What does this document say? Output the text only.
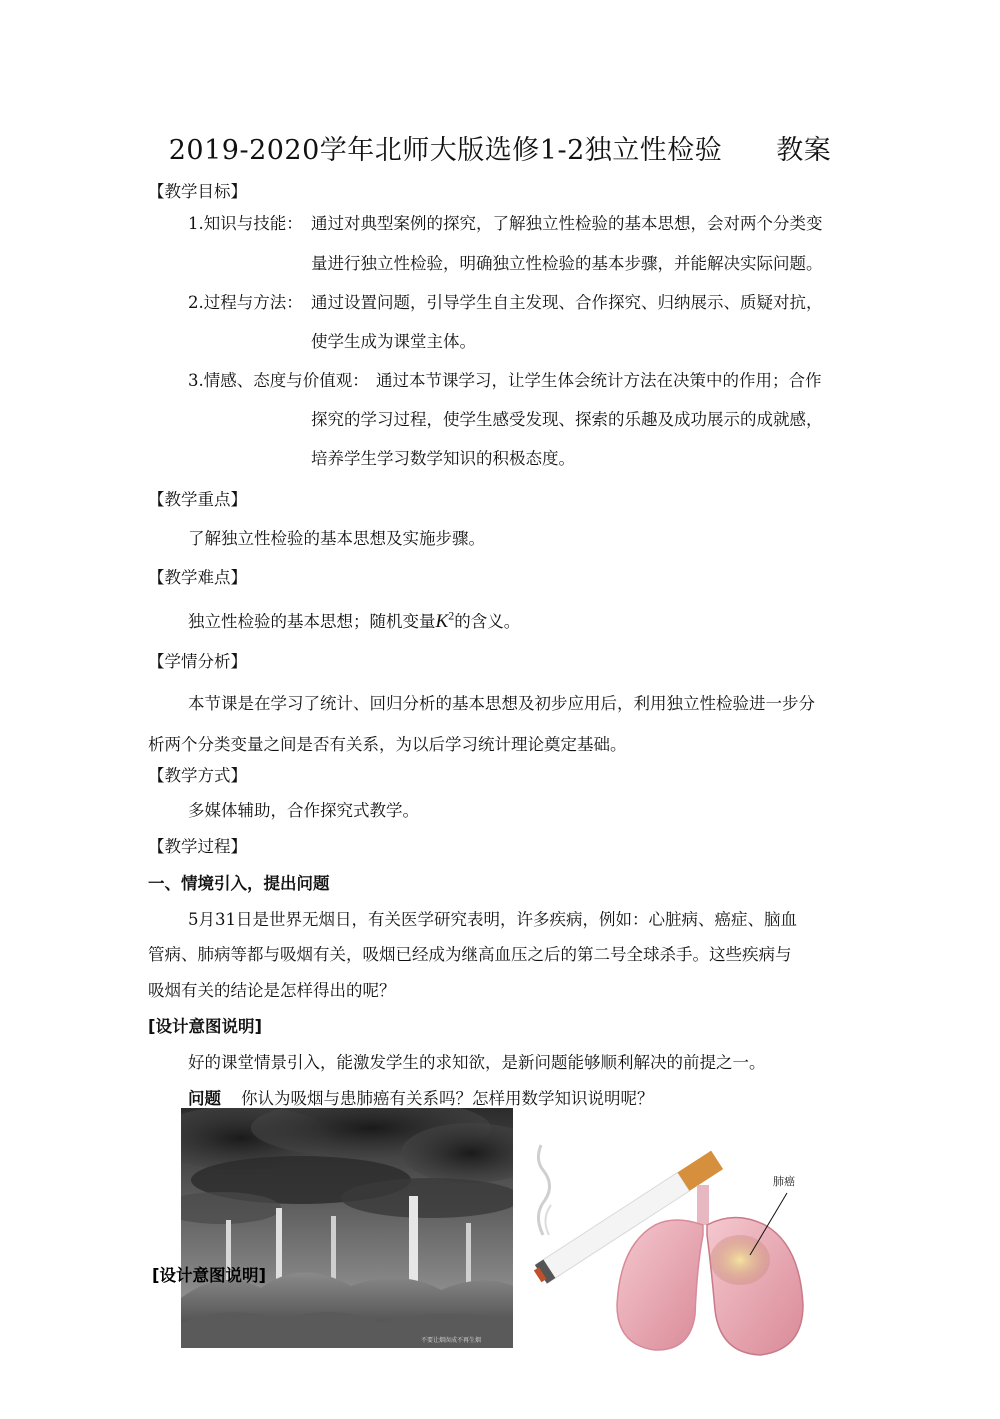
2019-2020学年北师大版选修1-2独立性检验 教案
【教学目标】
1.知识与技能： 通过对典型案例的探究，了解独立性检验的基本思想，会对两个分类变
量进行独立性检验，明确独立性检验的基本步骤，并能解决实际问题。
2.过程与方法： 通过设置问题，引导学生自主发现、合作探究、归纳展示、质疑对抗，
使学生成为课堂主体。
3.情感、态度与价值观： 通过本节课学习，让学生体会统计方法在决策中的作用；合作
探究的学习过程，使学生感受发现、探索的乐趣及成功展示的成就感，
培养学生学习数学知识的积极态度。
【教学重点】
了解独立性检验的基本思想及实施步骤。
【教学难点】
独立性检验的基本思想；随机变量$K^2$的含义。
【学情分析】
本节课是在学习了统计、回归分析的基本思想及初步应用后，利用独立性检验进一步分
析两个分类变量之间是否有关系，为以后学习统计理论奠定基础。
【教学方式】
多媒体辅助，合作探究式教学。
【教学过程】
一、情境引入，提出问题
5月31日是世界无烟日，有关医学研究表明，许多疾病，例如：心脏病、癌症、脑血
管病、肺病等都与吸烟有关，吸烟已经成为继高血压之后的第二号全球杀手。这些疾病与
吸烟有关的结论是怎样得出的呢？
[设计意图说明]
好的课堂情景引入，能激发学生的求知欲，是新问题能够顺利解决的前提之一。
问题 你认为吸烟与患肺癌有关系吗？怎样用数学知识说明呢？
不要让烟囱成不再生烟
肺癌
[设计意图说明]
